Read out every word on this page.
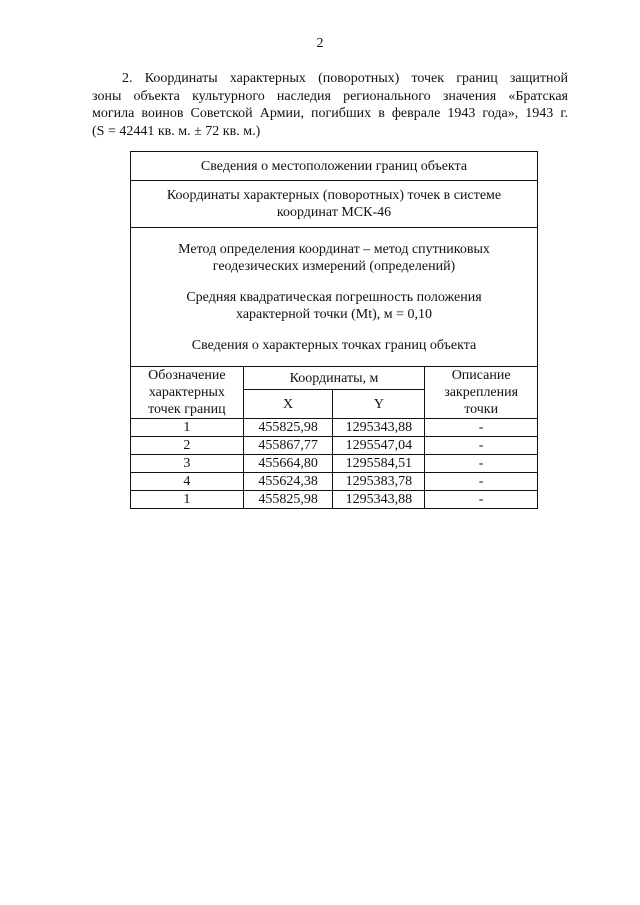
2
2. Координаты характерных (поворотных) точек границ защитной
зоны объекта культурного наследия регионального значения «Братская
могила воинов Советской Армии, погибших в феврале 1943 года», 1943 г.
(S = 42441 кв. м. ± 72 кв. м.)
Сведения о местоположении границ объекта			
Координаты характерных (поворотных) точек в системе
координат МСК-46			

Метод определения координат – метод спутниковых

геодезических измерений (определений)

Средняя квадратическая погрешность положения

характерной точки (Mt), м = 0,10

Сведения о характерных точках границ объекта			

Обозначение
характерных
точек границ	Координаты, м		Описание
закрепления
точки
	X	Y	
1	455825,98	1295343,88	-
2	455867,77	1295547,04	-
3	455664,80	1295584,51	-
4	455624,38	1295383,78	-
1	455825,98	1295343,88	-
